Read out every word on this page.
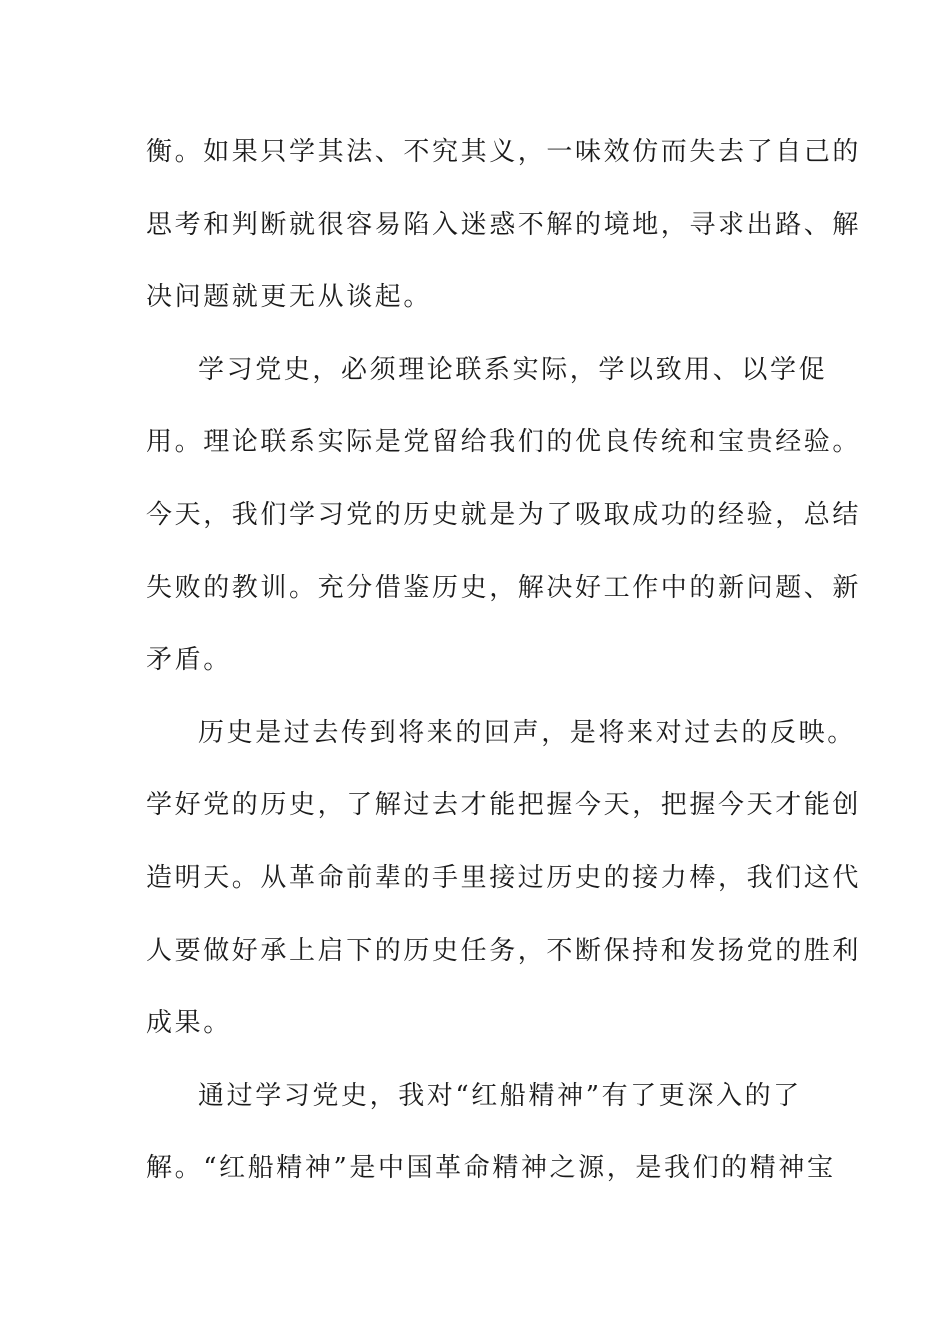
衡。如果只学其法、不究其义，一味效仿而失去了自己的
思考和判断就很容易陷入迷惑不解的境地，寻求出路、解
决问题就更无从谈起。
学习党史，必须理论联系实际，学以致用、以学促
用。理论联系实际是党留给我们的优良传统和宝贵经验。
今天，我们学习党的历史就是为了吸取成功的经验，总结
失败的教训。充分借鉴历史，解决好工作中的新问题、新
矛盾。
历史是过去传到将来的回声，是将来对过去的反映。
学好党的历史，了解过去才能把握今天，把握今天才能创
造明天。从革命前辈的手里接过历史的接力棒，我们这代
人要做好承上启下的历史任务，不断保持和发扬党的胜利
成果。
通过学习党史，我对“红船精神”有了更深入的了
解。“红船精神”是中国革命精神之源，是我们的精神宝
